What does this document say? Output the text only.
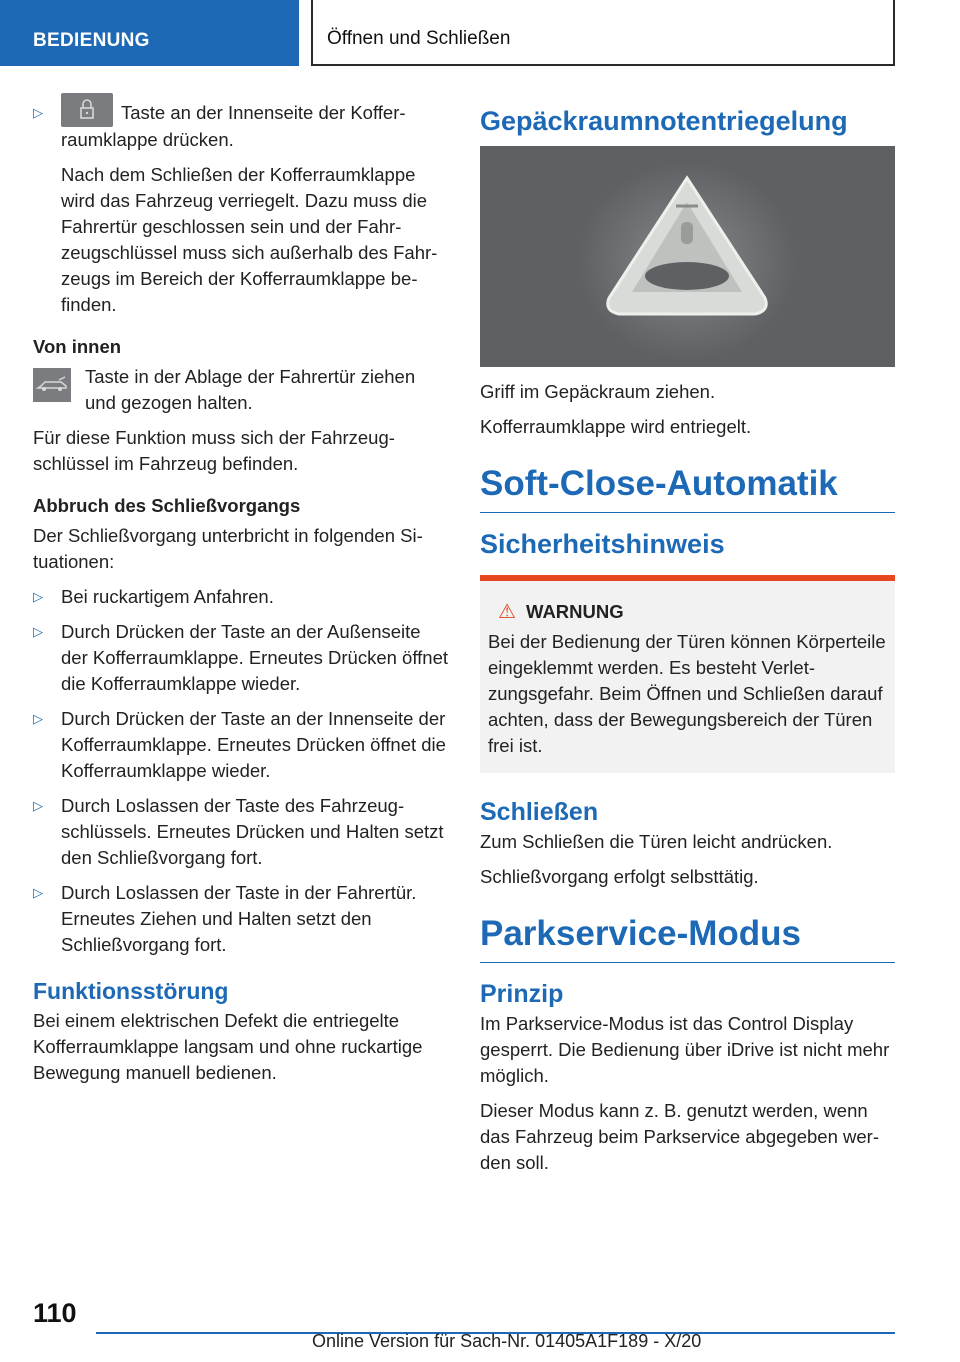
BEDIENUNG	Öffnen und Schließen
▷	Taste an der Innenseite der Kofferraumklappe drücken.

Nach dem Schließen der Kofferraumklappe wird das Fahrzeug verriegelt. Dazu muss die Fahrertür geschlossen sein und der Fahrzeugschlüssel muss sich außerhalb des Fahrzeugs im Bereich der Kofferraumklappe befinden.

Von innen
Taste in der Ablage der Fahrertür ziehen und gezogen halten.

Für diese Funktion muss sich der Fahrzeugschlüssel im Fahrzeug befinden.

Abbruch des Schließvorgangs

Der Schließvorgang unterbricht in folgenden Situationen:

▷ Bei ruckartigem Anfahren.
▷ Durch Drücken der Taste an der Außenseite der Kofferraumklappe. Erneutes Drücken öffnet die Kofferraumklappe wieder.
▷ Durch Drücken der Taste an der Innenseite der Kofferraumklappe. Erneutes Drücken öffnet die Kofferraumklappe wieder.
▷ Durch Loslassen der Taste des Fahrzeugschlüssels. Erneutes Drücken und Halten setzt den Schließvorgang fort.
▷ Durch Loslassen der Taste in der Fahrertür. Erneutes Ziehen und Halten setzt den Schließvorgang fort.
Funktionsstörung

Bei einem elektrischen Defekt die entriegelte Kofferraumklappe langsam und ohne ruckartige Bewegung manuell bedienen.

Gepäckraumnotentriegelung

Griff im Gepäckraum ziehen.

Kofferraumklappe wird entriegelt.

Soft-Close-Automatik
Sicherheitshinweis
⚠ WARNUNG
Bei der Bedienung der Türen können Körperteile eingeklemmt werden. Es besteht Verletzungsgefahr. Beim Öffnen und Schließen darauf achten, dass der Bewegungsbereich der Türen frei ist.
Schließen

Zum Schließen die Türen leicht andrücken.

Schließvorgang erfolgt selbsttätig.

Parkservice-Modus
Prinzip

Im Parkservice-Modus ist das Control Display gesperrt. Die Bedienung über iDrive ist nicht mehr möglich.

Dieser Modus kann z. B. genutzt werden, wenn das Fahrzeug beim Parkservice abgegeben werden soll.

110
Online Version für Sach-Nr. 01405A1F189 - X/20
